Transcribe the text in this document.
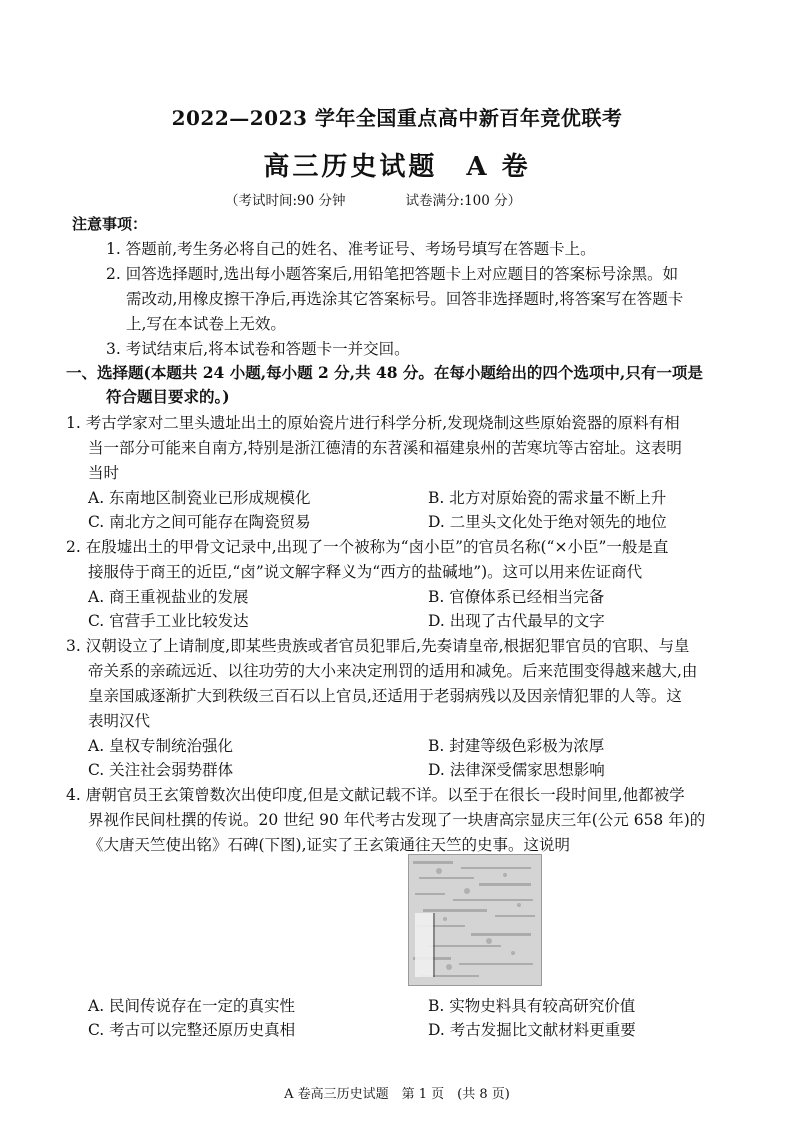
2022—2023 学年全国重点高中新百年竞优联考
高三历史试题　A 卷
（考试时间:90 分钟	试卷满分:100 分）
注意事项：
1. 答题前,考生务必将自己的姓名、准考证号、考场号填写在答题卡上。
2. 回答选择题时,选出每小题答案后,用铅笔把答题卡上对应题目的答案标号涂黑。如
需改动,用橡皮擦干净后,再选涂其它答案标号。回答非选择题时,将答案写在答题卡
上,写在本试卷上无效。
3. 考试结束后,将本试卷和答题卡一并交回。
一、选择题(本题共 24 小题,每小题 2 分,共 48 分。在每小题给出的四个选项中,只有一项是
符合题目要求的。)
1. 考古学家对二里头遗址出土的原始瓷片进行科学分析,发现烧制这些原始瓷器的原料有相
当一部分可能来自南方,特别是浙江德清的东苕溪和福建泉州的苦寒坑等古窑址。这表明
当时
A. 东南地区制瓷业已形成规模化	B. 北方对原始瓷的需求量不断上升
C. 南北方之间可能存在陶瓷贸易	D. 二里头文化处于绝对领先的地位
2. 在殷墟出土的甲骨文记录中,出现了一个被称为“卤小臣”的官员名称(“×小臣”一般是直
接服侍于商王的近臣,“卤”说文解字释义为“西方的盐碱地”)。这可以用来佐证商代
A. 商王重视盐业的发展	B. 官僚体系已经相当完备
C. 官营手工业比较发达	D. 出现了古代最早的文字
3. 汉朝设立了上请制度,即某些贵族或者官员犯罪后,先奏请皇帝,根据犯罪官员的官职、与皇
帝关系的亲疏远近、以往功劳的大小来决定刑罚的适用和减免。后来范围变得越来越大,由
皇亲国戚逐渐扩大到秩级三百石以上官员,还适用于老弱病残以及因亲情犯罪的人等。这
表明汉代
A. 皇权专制统治强化	B. 封建等级色彩极为浓厚
C. 关注社会弱势群体	D. 法律深受儒家思想影响
4. 唐朝官员王玄策曾数次出使印度,但是文献记载不详。以至于在很长一段时间里,他都被学
界视作民间杜撰的传说。20 世纪 90 年代考古发现了一块唐高宗显庆三年(公元 658 年)的
《大唐天竺使出铭》石碑(下图),证实了王玄策通往天竺的史事。这说明
A. 民间传说存在一定的真实性	B. 实物史料具有较高研究价值
C. 考古可以完整还原历史真相	D. 考古发掘比文献材料更重要
A 卷高三历史试题　第 1 页　(共 8 页)
